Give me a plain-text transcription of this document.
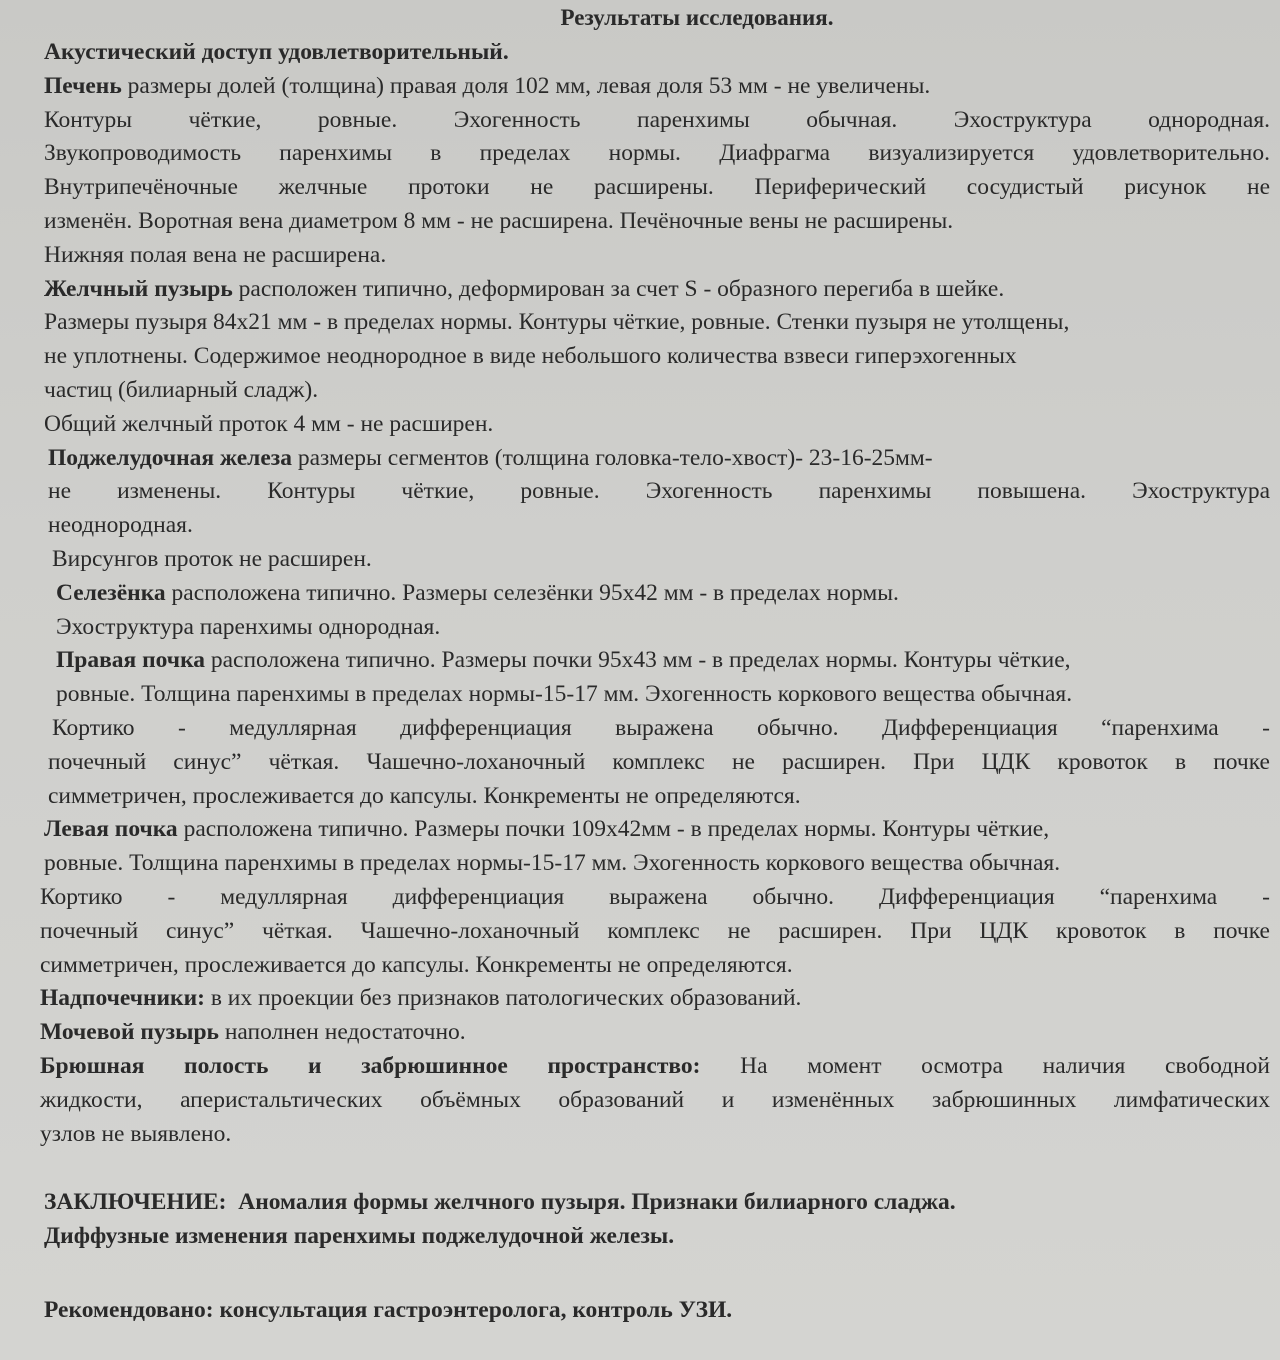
Результаты исследования.
Акустический доступ удовлетворительный.
Печень размеры долей (толщина) правая доля 102 мм, левая доля 53 мм - не увеличены.
Контуры чёткие, ровные. Эхогенность паренхимы обычная. Эхоструктура однородная.
Звукопроводимость паренхимы в пределах нормы. Диафрагма визуализируется удовлетворительно.
Внутрипечёночные желчные протоки не расширены. Периферический сосудистый рисунок не
изменён. Воротная вена диаметром 8 мм - не расширена. Печёночные вены не расширены.
Нижняя полая вена не расширена.
Желчный пузырь расположен типично, деформирован за счет S - образного перегиба в шейке.
Размеры пузыря 84х21 мм - в пределах нормы. Контуры чёткие, ровные. Стенки пузыря не утолщены,
не уплотнены. Содержимое неоднородное в виде небольшого количества взвеси гиперэхогенных
частиц (билиарный сладж).
Общий желчный проток 4 мм - не расширен.
Поджелудочная железа размеры сегментов (толщина головка-тело-хвост)- 23-16-25мм-
не изменены. Контуры чёткие, ровные. Эхогенность паренхимы повышена. Эхоструктура
неоднородная.
Вирсунгов проток не расширен.
Селезёнка расположена типично. Размеры селезёнки 95х42 мм - в пределах нормы.
Эхоструктура паренхимы однородная.
Правая почка расположена типично. Размеры почки 95х43 мм - в пределах нормы. Контуры чёткие,
ровные. Толщина паренхимы в пределах нормы-15-17 мм. Эхогенность коркового вещества обычная.
Кортико - медуллярная дифференциация выражена обычно. Дифференциация “паренхима -
почечный синус” чёткая. Чашечно-лоханочный комплекс не расширен. При ЦДК кровоток в почке
симметричен, прослеживается до капсулы. Конкременты не определяются.
Левая почка расположена типично. Размеры почки 109х42мм - в пределах нормы. Контуры чёткие,
ровные. Толщина паренхимы в пределах нормы-15-17 мм. Эхогенность коркового вещества обычная.
Кортико - медуллярная дифференциация выражена обычно. Дифференциация “паренхима -
почечный синус” чёткая. Чашечно-лоханочный комплекс не расширен. При ЦДК кровоток в почке
симметричен, прослеживается до капсулы. Конкременты не определяются.
Надпочечники: в их проекции без признаков патологических образований.
Мочевой пузырь наполнен недостаточно.
Брюшная полость и забрюшинное пространство: На момент осмотра наличия свободной
жидкости, аперистальтических объёмных образований и изменённых забрюшинных лимфатических
узлов не выявлено.
ЗАКЛЮЧЕНИЕ: Аномалия формы желчного пузыря. Признаки билиарного сладжа.
Диффузные изменения паренхимы поджелудочной железы.
Рекомендовано: консультация гастроэнтеролога, контроль УЗИ.
